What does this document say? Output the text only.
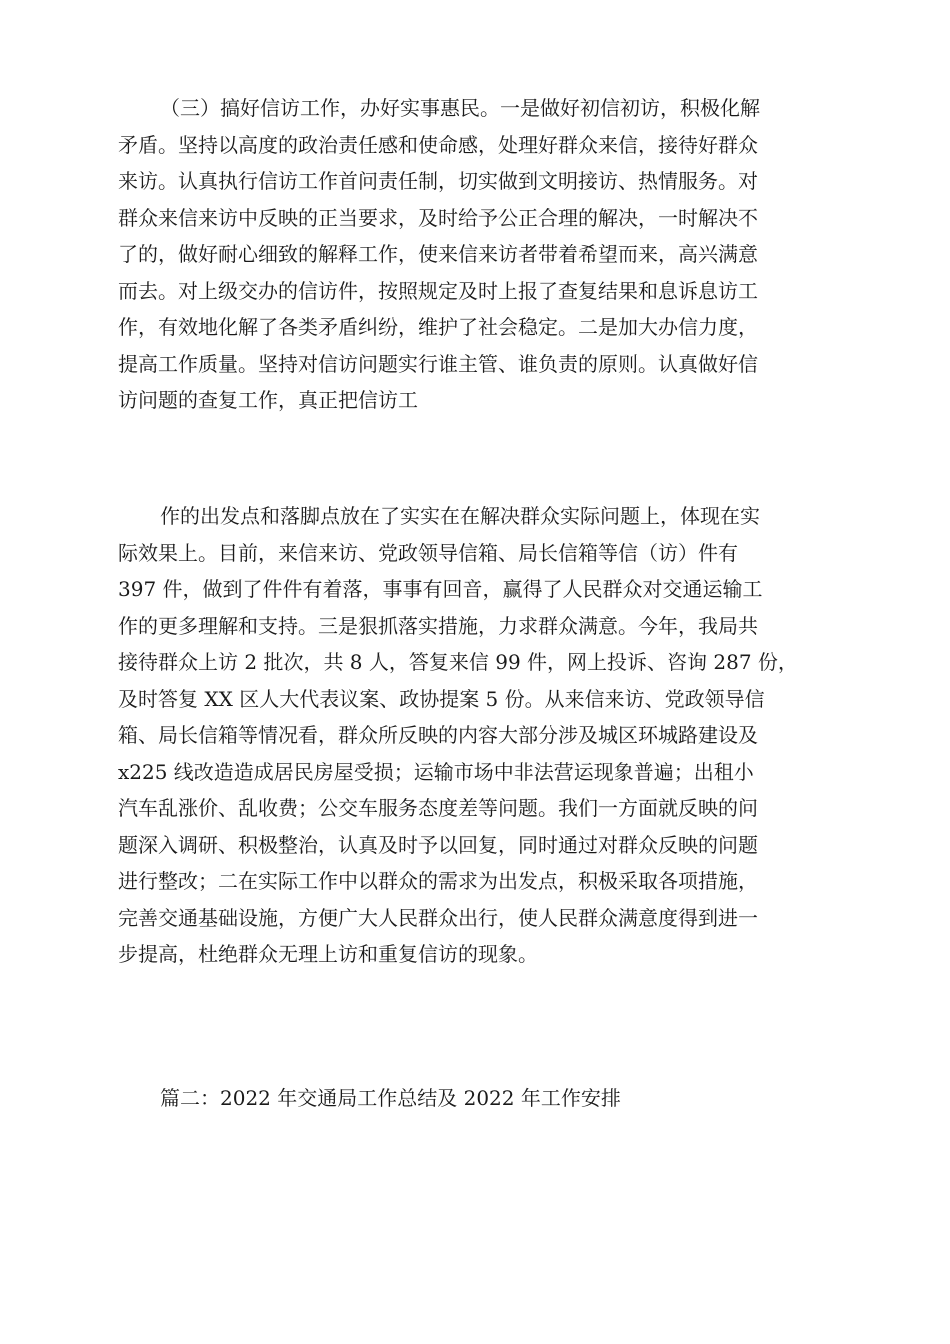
（三）搞好信访工作，办好实事惠民。一是做好初信初访，积极化解
矛盾。坚持以高度的政治责任感和使命感，处理好群众来信，接待好群众
来访。认真执行信访工作首问责任制，切实做到文明接访、热情服务。对
群众来信来访中反映的正当要求，及时给予公正合理的解决，一时解决不
了的，做好耐心细致的解释工作，使来信来访者带着希望而来，高兴满意
而去。对上级交办的信访件，按照规定及时上报了查复结果和息诉息访工
作，有效地化解了各类矛盾纠纷，维护了社会稳定。二是加大办信力度，
提高工作质量。坚持对信访问题实行谁主管、谁负责的原则。认真做好信
访问题的查复工作，真正把信访工

作的出发点和落脚点放在了实实在在解决群众实际问题上，体现在实
际效果上。目前，来信来访、党政领导信箱、局长信箱等信（访）件有
397 件，做到了件件有着落，事事有回音，赢得了人民群众对交通运输工
作的更多理解和支持。三是狠抓落实措施，力求群众满意。今年，我局共
接待群众上访 2 批次，共 8 人，答复来信 99 件，网上投诉、咨询 287 份，
及时答复 XX 区人大代表议案、政协提案 5 份。从来信来访、党政领导信
箱、局长信箱等情况看，群众所反映的内容大部分涉及城区环城路建设及
x225 线改造造成居民房屋受损；运输市场中非法营运现象普遍；出租小
汽车乱涨价、乱收费；公交车服务态度差等问题。我们一方面就反映的问
题深入调研、积极整治，认真及时予以回复，同时通过对群众反映的问题
进行整改；二在实际工作中以群众的需求为出发点，积极采取各项措施，
完善交通基础设施，方便广大人民群众出行，使人民群众满意度得到进一
步提高，杜绝群众无理上访和重复信访的现象。

篇二：2022 年交通局工作总结及 2022 年工作安排
